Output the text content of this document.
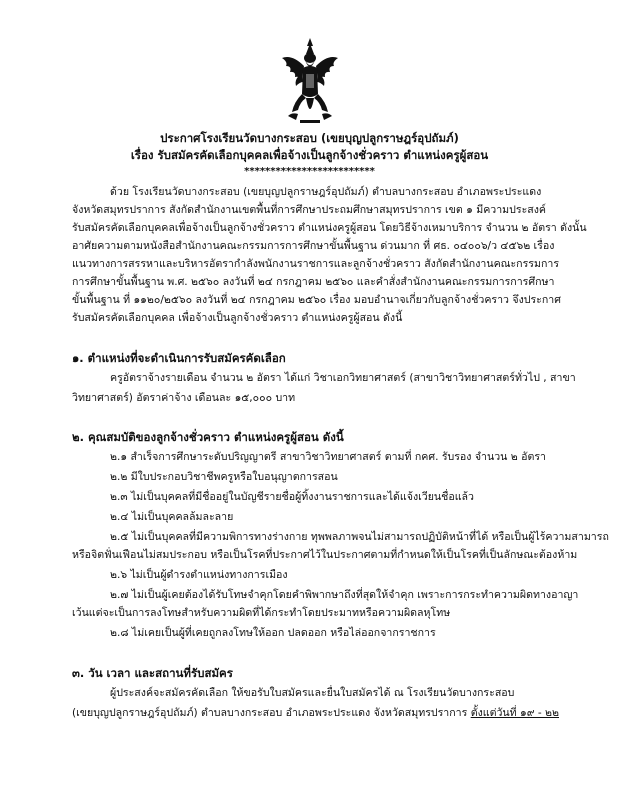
ประกาศโรงเรียนวัดบางกระสอบ (เขยบุญปลูกราษฎร์อุปถัมภ์)
เรื่อง รับสมัครคัดเลือกบุคคลเพื่อจ้างเป็นลูกจ้างชั่วคราว ตำแหน่งครูผู้สอน
*************************
ด้วย โรงเรียนวัดบางกระสอบ (เขยบุญปลูกราษฎร์อุปถัมภ์) ตำบลบางกระสอบ อำเภอพระประแดง
จังหวัดสมุทรปราการ สังกัดสำนักงานเขตพื้นที่การศึกษาประถมศึกษาสมุทรปราการ เขต ๑ มีความประสงค์
รับสมัครคัดเลือกบุคคลเพื่อจ้างเป็นลูกจ้างชั่วคราว ตำแหน่งครูผู้สอน โดยวิธีจ้างเหมาบริการ จำนวน ๒ อัตรา ดังนั้น
อาศัยความตามหนังสือสำนักงานคณะกรรมการการศึกษาขั้นพื้นฐาน ด่วนมาก ที่ ศธ. ๐๔๐๐๖/ว ๔๕๖๒ เรื่อง
แนวทางการสรรหาและบริหารอัตรากำลังพนักงานราชการและลูกจ้างชั่วคราว สังกัดสำนักงานคณะกรรมการ
การศึกษาขั้นพื้นฐาน พ.ศ. ๒๕๖๐ ลงวันที่ ๒๔ กรกฎาคม ๒๕๖๐ และคำสั่งสำนักงานคณะกรรมการการศึกษา
ขั้นพื้นฐาน ที่ ๑๑๒๐/๒๕๖๐ ลงวันที่ ๒๔ กรกฎาคม ๒๕๖๐ เรื่อง มอบอำนาจเกี่ยวกับลูกจ้างชั่วคราว จึงประกาศ
รับสมัครคัดเลือกบุคคล เพื่อจ้างเป็นลูกจ้างชั่วคราว ตำแหน่งครูผู้สอน ดังนี้
๑. ตำแหน่งที่จะดำเนินการรับสมัครคัดเลือก
ครูอัตราจ้างรายเดือน จำนวน ๒ อัตรา ได้แก่ วิชาเอกวิทยาศาสตร์ (สาขาวิชาวิทยาศาสตร์ทั่วไป , สาขา
วิทยาศาสตร์) อัตราค่าจ้าง เดือนละ ๑๕,๐๐๐ บาท
๒. คุณสมบัติของลูกจ้างชั่วคราว ตำแหน่งครูผู้สอน ดังนี้
๒.๑ สำเร็จการศึกษาระดับปริญญาตรี สาขาวิชาวิทยาศาสตร์ ตามที่ กคศ. รับรอง จำนวน ๒ อัตรา
๒.๒ มีใบประกอบวิชาชีพครูหรือใบอนุญาตการสอน
๒.๓ ไม่เป็นบุคคลที่มีชื่ออยู่ในบัญชีรายชื่อผู้ทิ้งงานราชการและได้แจ้งเวียนชื่อแล้ว
๒.๔ ไม่เป็นบุคคลล้มละลาย
๒.๕ ไม่เป็นบุคคลที่มีความพิการทางร่างกาย ทุพพลภาพจนไม่สามารถปฏิบัติหน้าที่ได้ หรือเป็นผู้ไร้ความสามารถ
หรือจิตฟั่นเฟือนไม่สมประกอบ หรือเป็นโรคที่ประกาศไว้ในประกาศตามที่กำหนดให้เป็นโรคที่เป็นลักษณะต้องห้าม
๒.๖ ไม่เป็นผู้ดำรงตำแหน่งทางการเมือง
๒.๗ ไม่เป็นผู้เคยต้องได้รับโทษจำคุกโดยคำพิพากษาถึงที่สุดให้จำคุก เพราะการกระทำความผิดทางอาญา
เว้นแต่จะเป็นการลงโทษสำหรับความผิดที่ได้กระทำโดยประมาทหรือความผิดลหุโทษ
๒.๘ ไม่เคยเป็นผู้ที่เคยถูกลงโทษให้ออก ปลดออก หรือไล่ออกจากราชการ
๓. วัน เวลา และสถานที่รับสมัคร
ผู้ประสงค์จะสมัครคัดเลือก ให้ขอรับใบสมัครและยื่นใบสมัครได้ ณ โรงเรียนวัดบางกระสอบ
(เขยบุญปลูกราษฎร์อุปถัมภ์) ตำบลบางกระสอบ อำเภอพระประแดง จังหวัดสมุทรปราการ ตั้งแต่วันที่ ๑๙ - ๒๒
